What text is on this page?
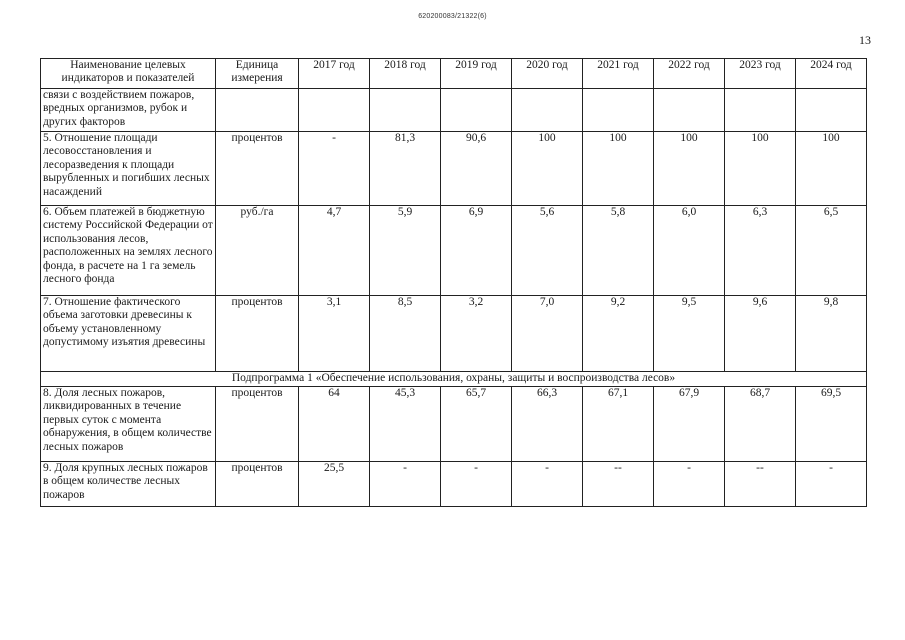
620200083/21322(6)
13
Наименование целевых индикаторов и показателей	Единица измерения	2017 год	2018 год	2019 год	2020 год	2021 год	2022 год	2023 год	2024 год
связи с воздействием пожаров, вредных организмов, рубок и других факторов									
5. Отношение площади лесовосстановления и лесоразведения к площади вырубленных и погибших лесных насаждений	процентов	-	81,3	90,6	100	100	100	100	100
6. Объем платежей в бюджетную систему Российской Федерации от использования лесов, расположенных на землях лесного фонда, в расчете на 1 га земель лесного фонда	руб./га	4,7	5,9	6,9	5,6	5,8	6,0	6,3	6,5
7. Отношение фактического объема заготовки древесины к объему установленному допустимому изъятия древесины	процентов	3,1	8,5	3,2	7,0	9,2	9,5	9,6	9,8
Подпрограмма 1 «Обеспечение использования, охраны, защиты и воспроизводства лесов»									
8. Доля лесных пожаров, ликвидированных в течение первых суток с момента обнаружения, в общем количестве лесных пожаров	процентов	64	45,3	65,7	66,3	67,1	67,9	68,7	69,5
9. Доля крупных лесных пожаров в общем количестве лесных пожаров	процентов	25,5	-	-	-	--	-	--	-
